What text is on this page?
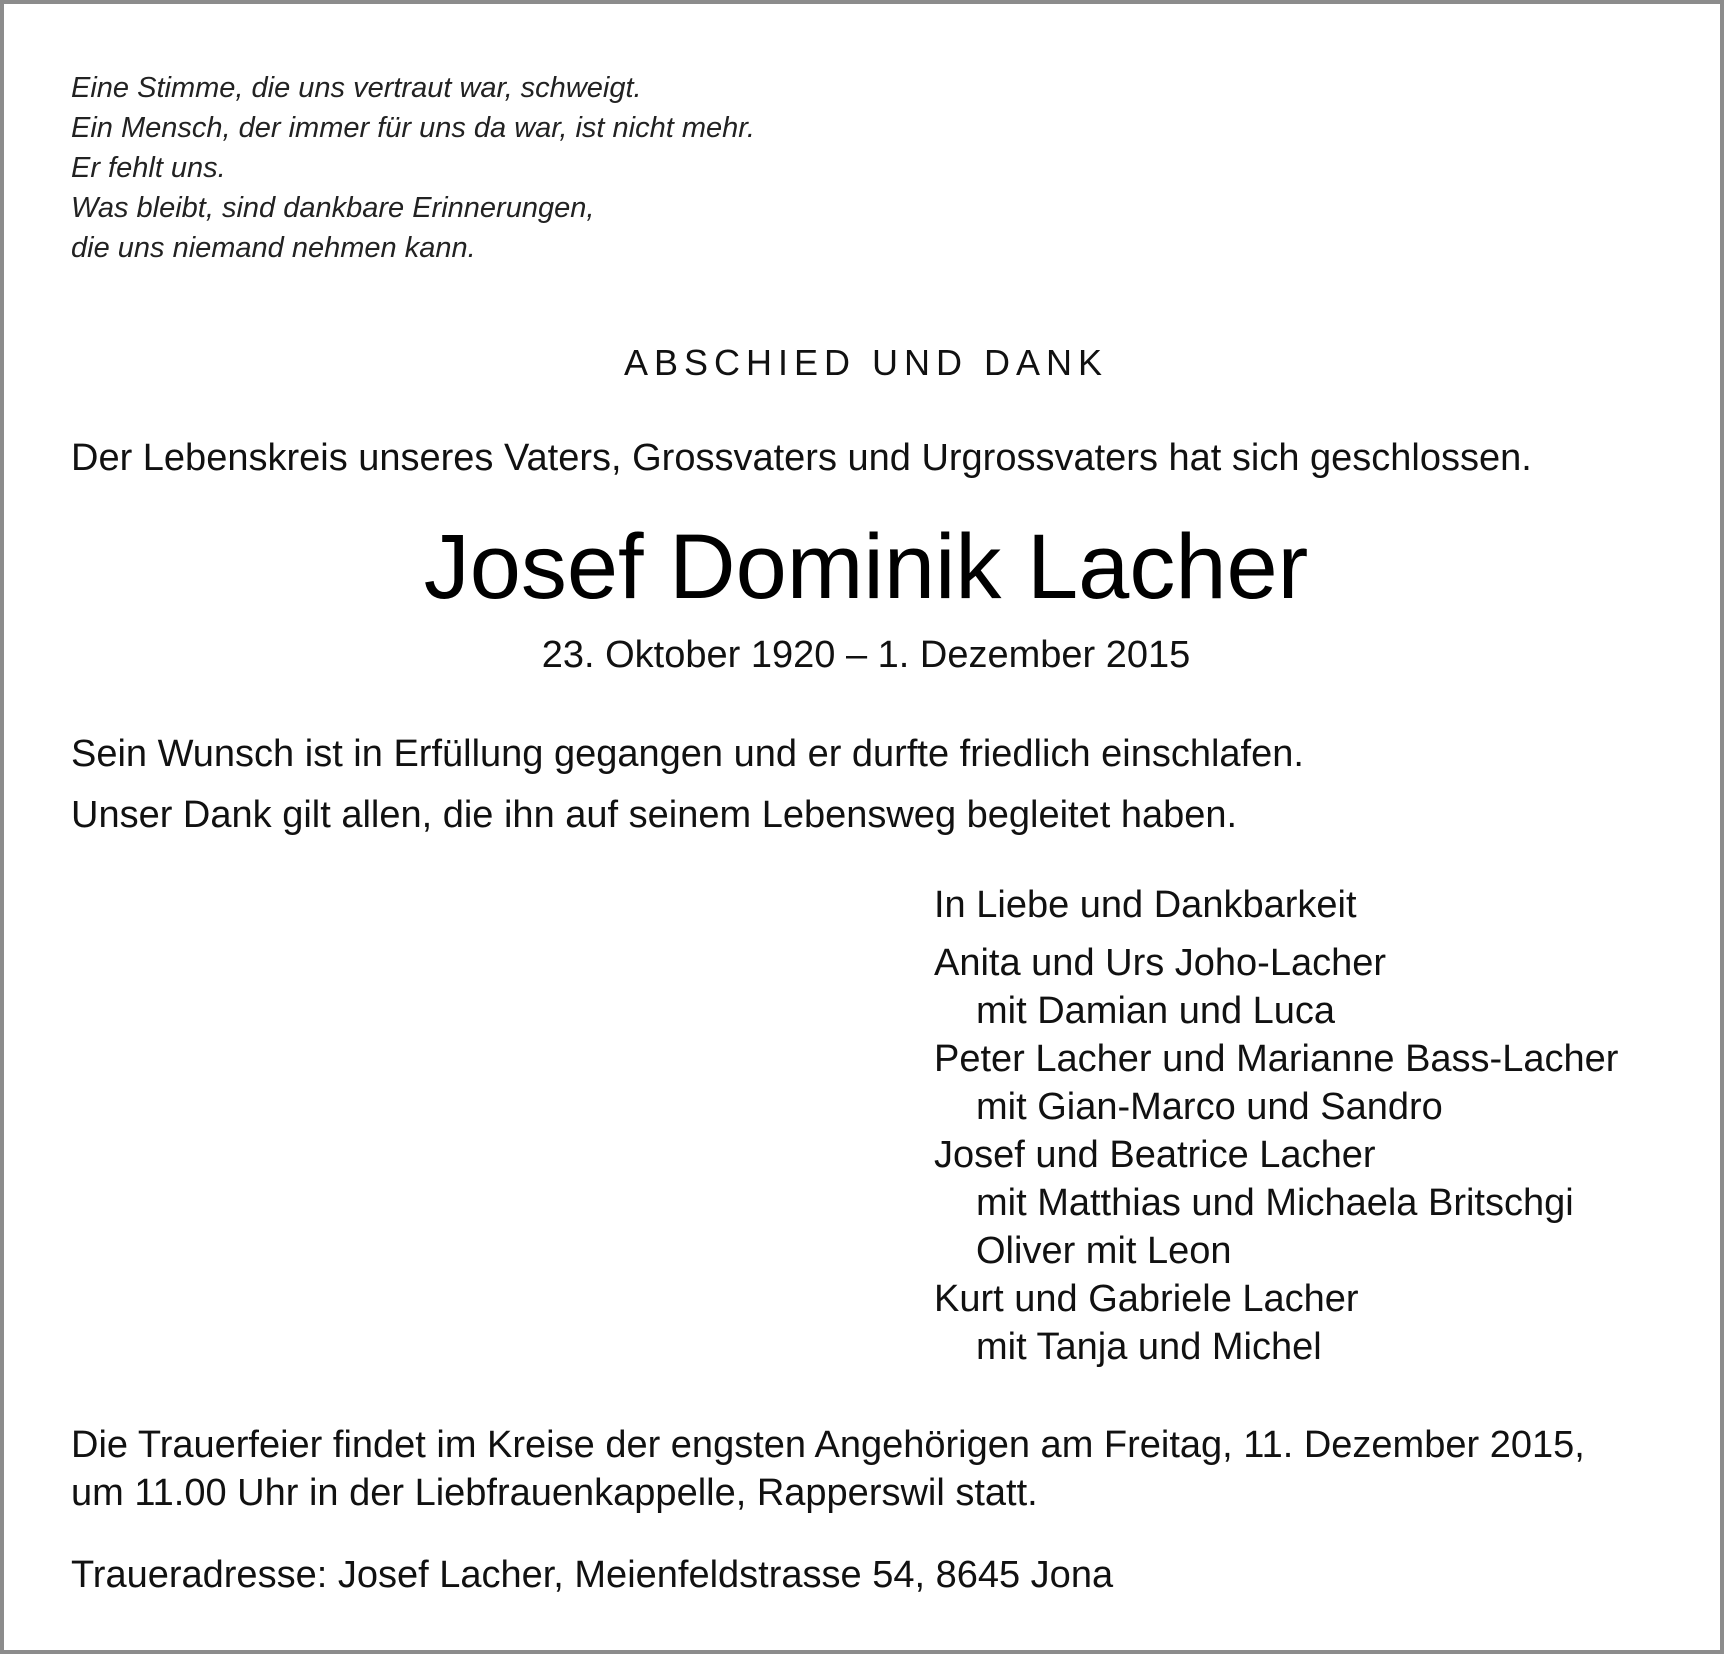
Eine Stimme, die uns vertraut war, schweigt.
Ein Mensch, der immer für uns da war, ist nicht mehr.
Er fehlt uns.
Was bleibt, sind dankbare Erinnerungen,
die uns niemand nehmen kann.
ABSCHIED UND DANK
Der Lebenskreis unseres Vaters, Grossvaters und Urgrossvaters hat sich geschlossen.
Josef Dominik Lacher
23. Oktober 1920 – 1. Dezember 2015
Sein Wunsch ist in Erfüllung gegangen und er durfte friedlich einschlafen.
Unser Dank gilt allen, die ihn auf seinem Lebensweg begleitet haben.
In Liebe und Dankbarkeit
Anita und Urs Joho-Lacher
mit Damian und Luca
Peter Lacher und Marianne Bass-Lacher
mit Gian-Marco und Sandro
Josef und Beatrice Lacher
mit Matthias und Michaela Britschgi
Oliver mit Leon
Kurt und Gabriele Lacher
mit Tanja und Michel
Die Trauerfeier findet im Kreise der engsten Angehörigen am Freitag, 11. Dezember 2015,
um 11.00 Uhr in der Liebfrauenkappelle, Rapperswil statt.
Traueradresse: Josef Lacher, Meienfeldstrasse 54, 8645 Jona
